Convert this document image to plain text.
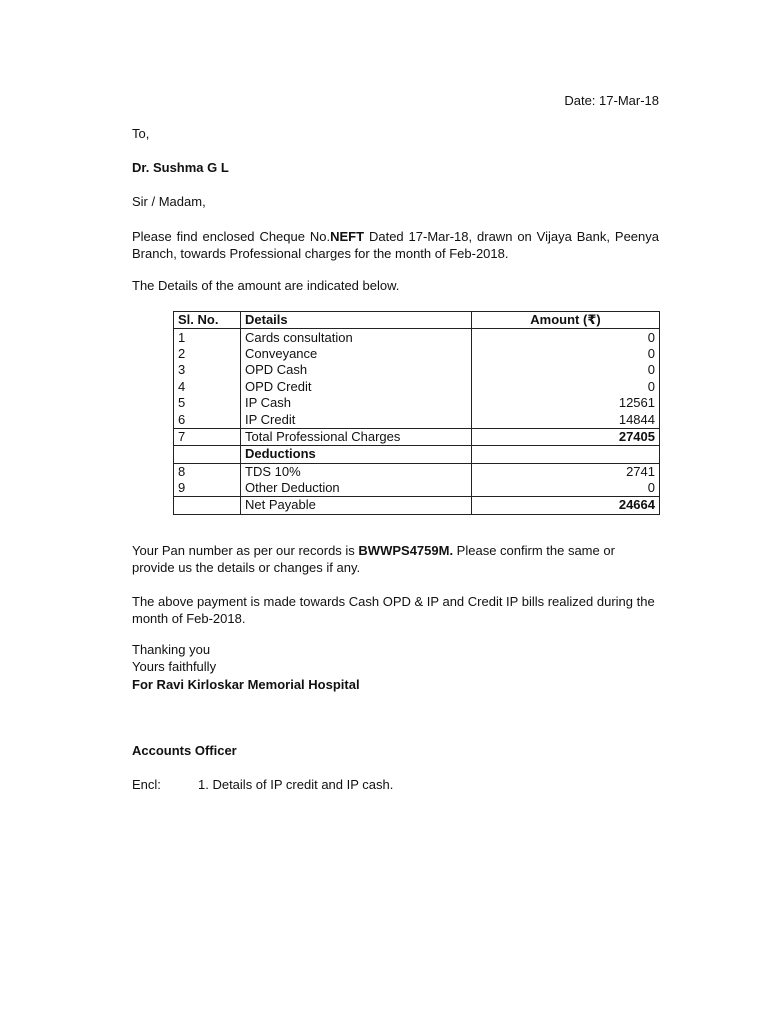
Date: 17-Mar-18
To,
Dr. Sushma G L
Sir / Madam,
Please find enclosed Cheque No.NEFT Dated 17-Mar-18, drawn on Vijaya Bank, Peenya Branch, towards Professional charges for the month of Feb-2018.
The Details of the amount are indicated below.
Sl. No.	Details	Amount (₹)
1	Cards consultation	0
2	Conveyance	0
3	OPD Cash	0
4	OPD Credit	0
5	IP Cash	12561
6	IP Credit	14844
7	Total Professional Charges	27405
	Deductions	
8	TDS 10%	2741
9	Other Deduction	0
	Net Payable	24664
Your Pan number as per our records is BWWPS4759M. Please confirm the same or provide us the details or changes if any.
The above payment is made towards Cash OPD & IP and Credit IP bills realized during the month of Feb-2018.
Thanking you
Yours faithfully
For Ravi Kirloskar Memorial Hospital
Accounts Officer
Encl:	1. Details of IP credit and IP cash.
